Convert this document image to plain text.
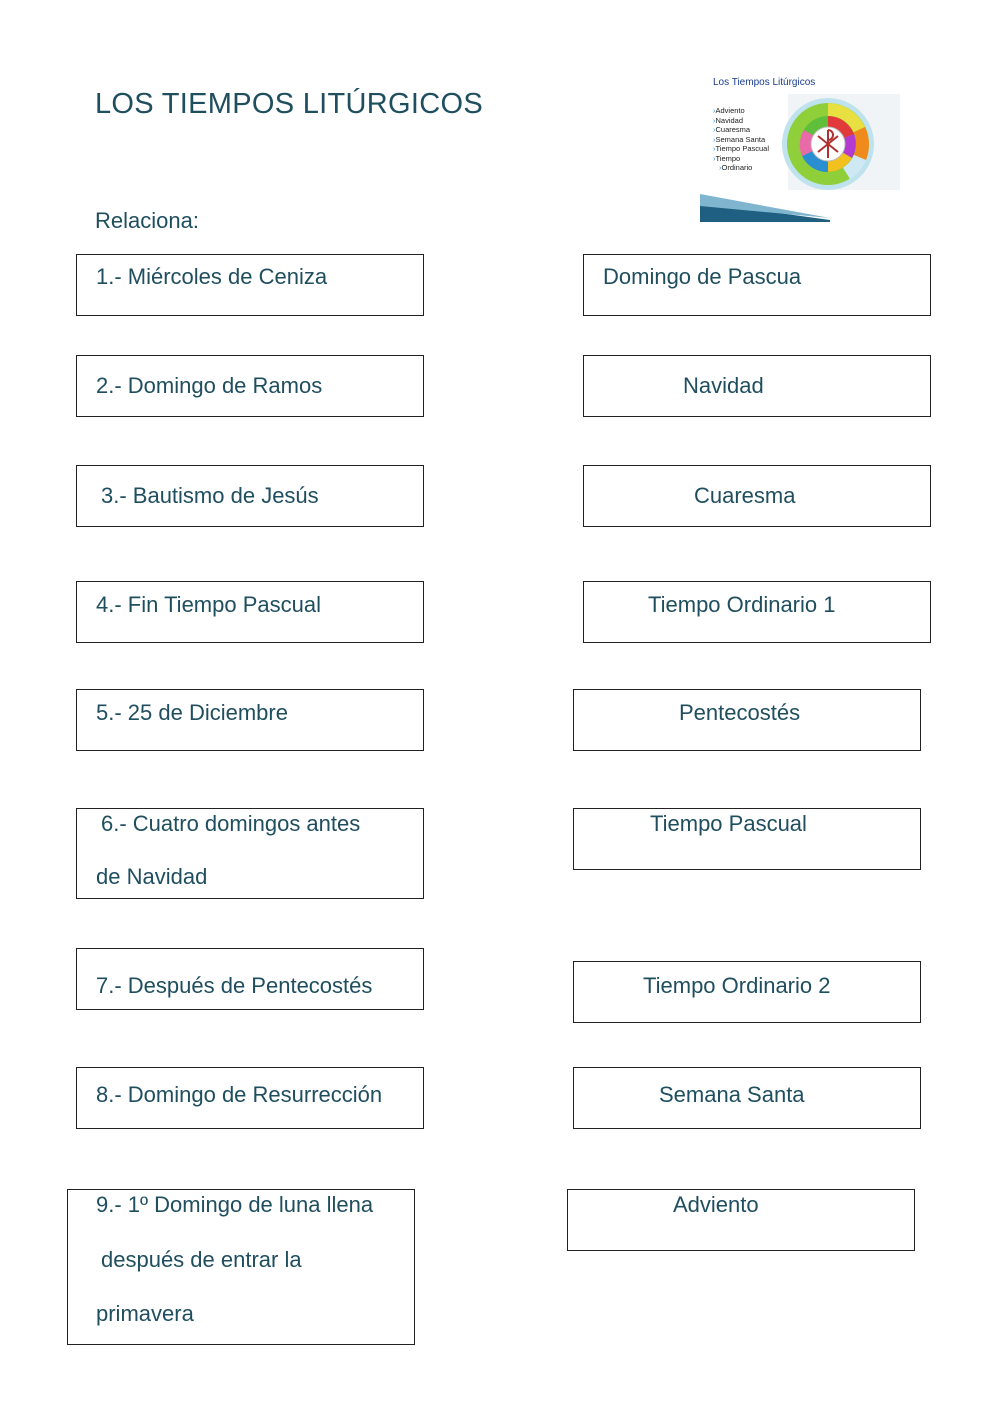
LOS TIEMPOS LITÚRGICOS
Relaciona:
Los Tiempos Litúrgicos
› Adviento
› Navidad
› Cuaresma
› Semana Santa
› Tiempo Pascual
› Tiempo
› Ordinario
1.- Miércoles de Ceniza
2.- Domingo de Ramos
3.- Bautismo de Jesús
4.- Fin Tiempo Pascual
5.- 25 de Diciembre
6.- Cuatro domingos antes
de Navidad
7.- Después de Pentecostés
8.- Domingo de Resurrección
9.- 1º Domingo de luna llena
después de entrar la
primavera
Domingo de Pascua
Navidad
Cuaresma
Tiempo Ordinario 1
Pentecostés
Tiempo Pascual
Tiempo Ordinario 2
Semana Santa
Adviento
